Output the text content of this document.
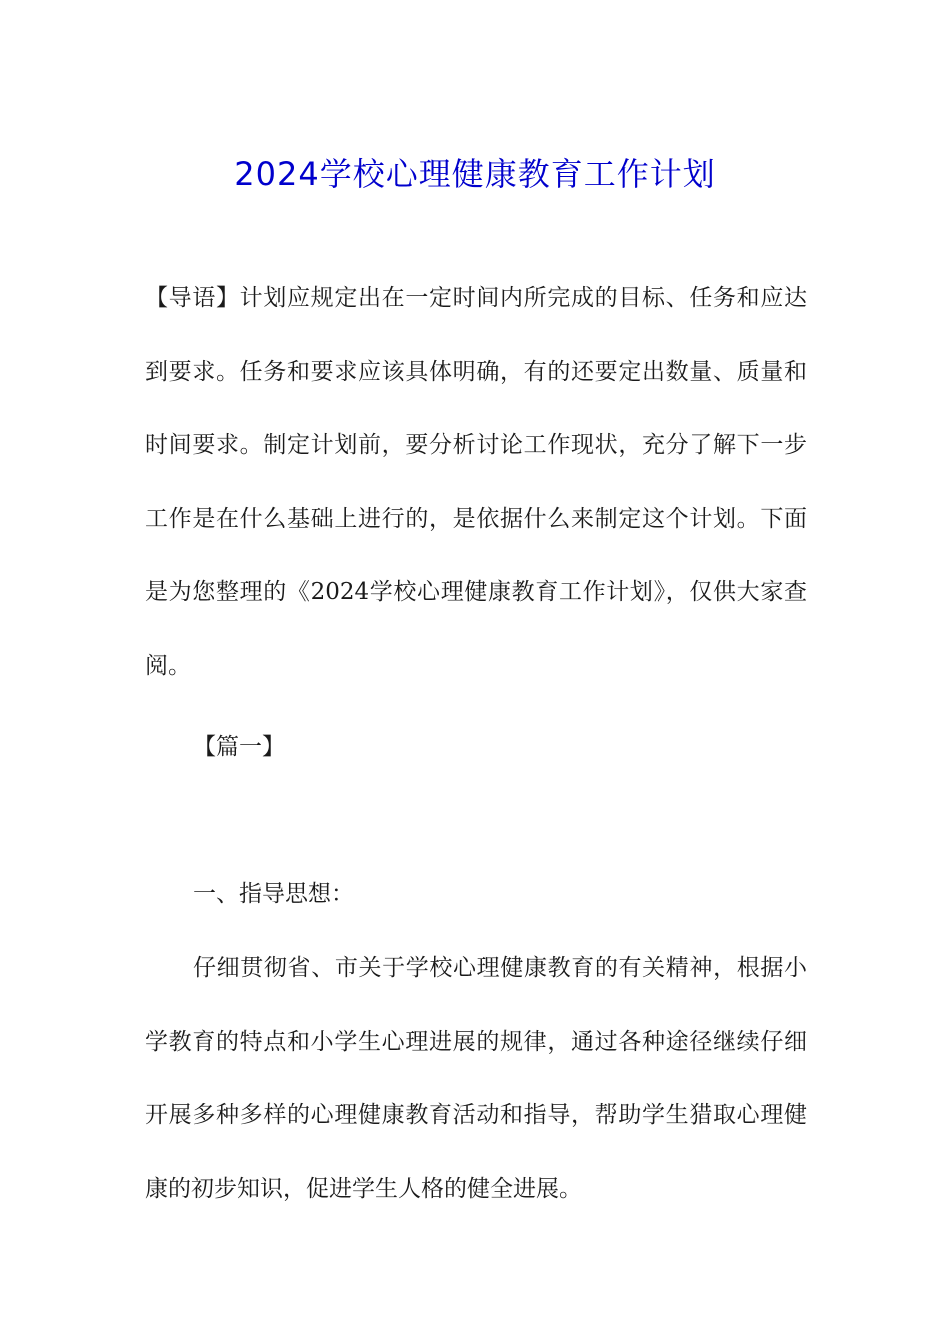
2024学校心理健康教育工作计划

【导语】计划应规定出在一定时间内所完成的目标、任务和应达到要求。任务和要求应该具体明确，有的还要定出数量、质量和时间要求。制定计划前，要分析讨论工作现状，充分了解下一步工作是在什么基础上进行的，是依据什么来制定这个计划。下面是为您整理的《2024学校心理健康教育工作计划》，仅供大家查阅。

【篇一】

一、指导思想：

仔细贯彻省、市关于学校心理健康教育的有关精神，根据小学教育的特点和小学生心理进展的规律，通过各种途径继续仔细开展多种多样的心理健康教育活动和指导，帮助学生猎取心理健康的初步知识，促进学生人格的健全进展。
